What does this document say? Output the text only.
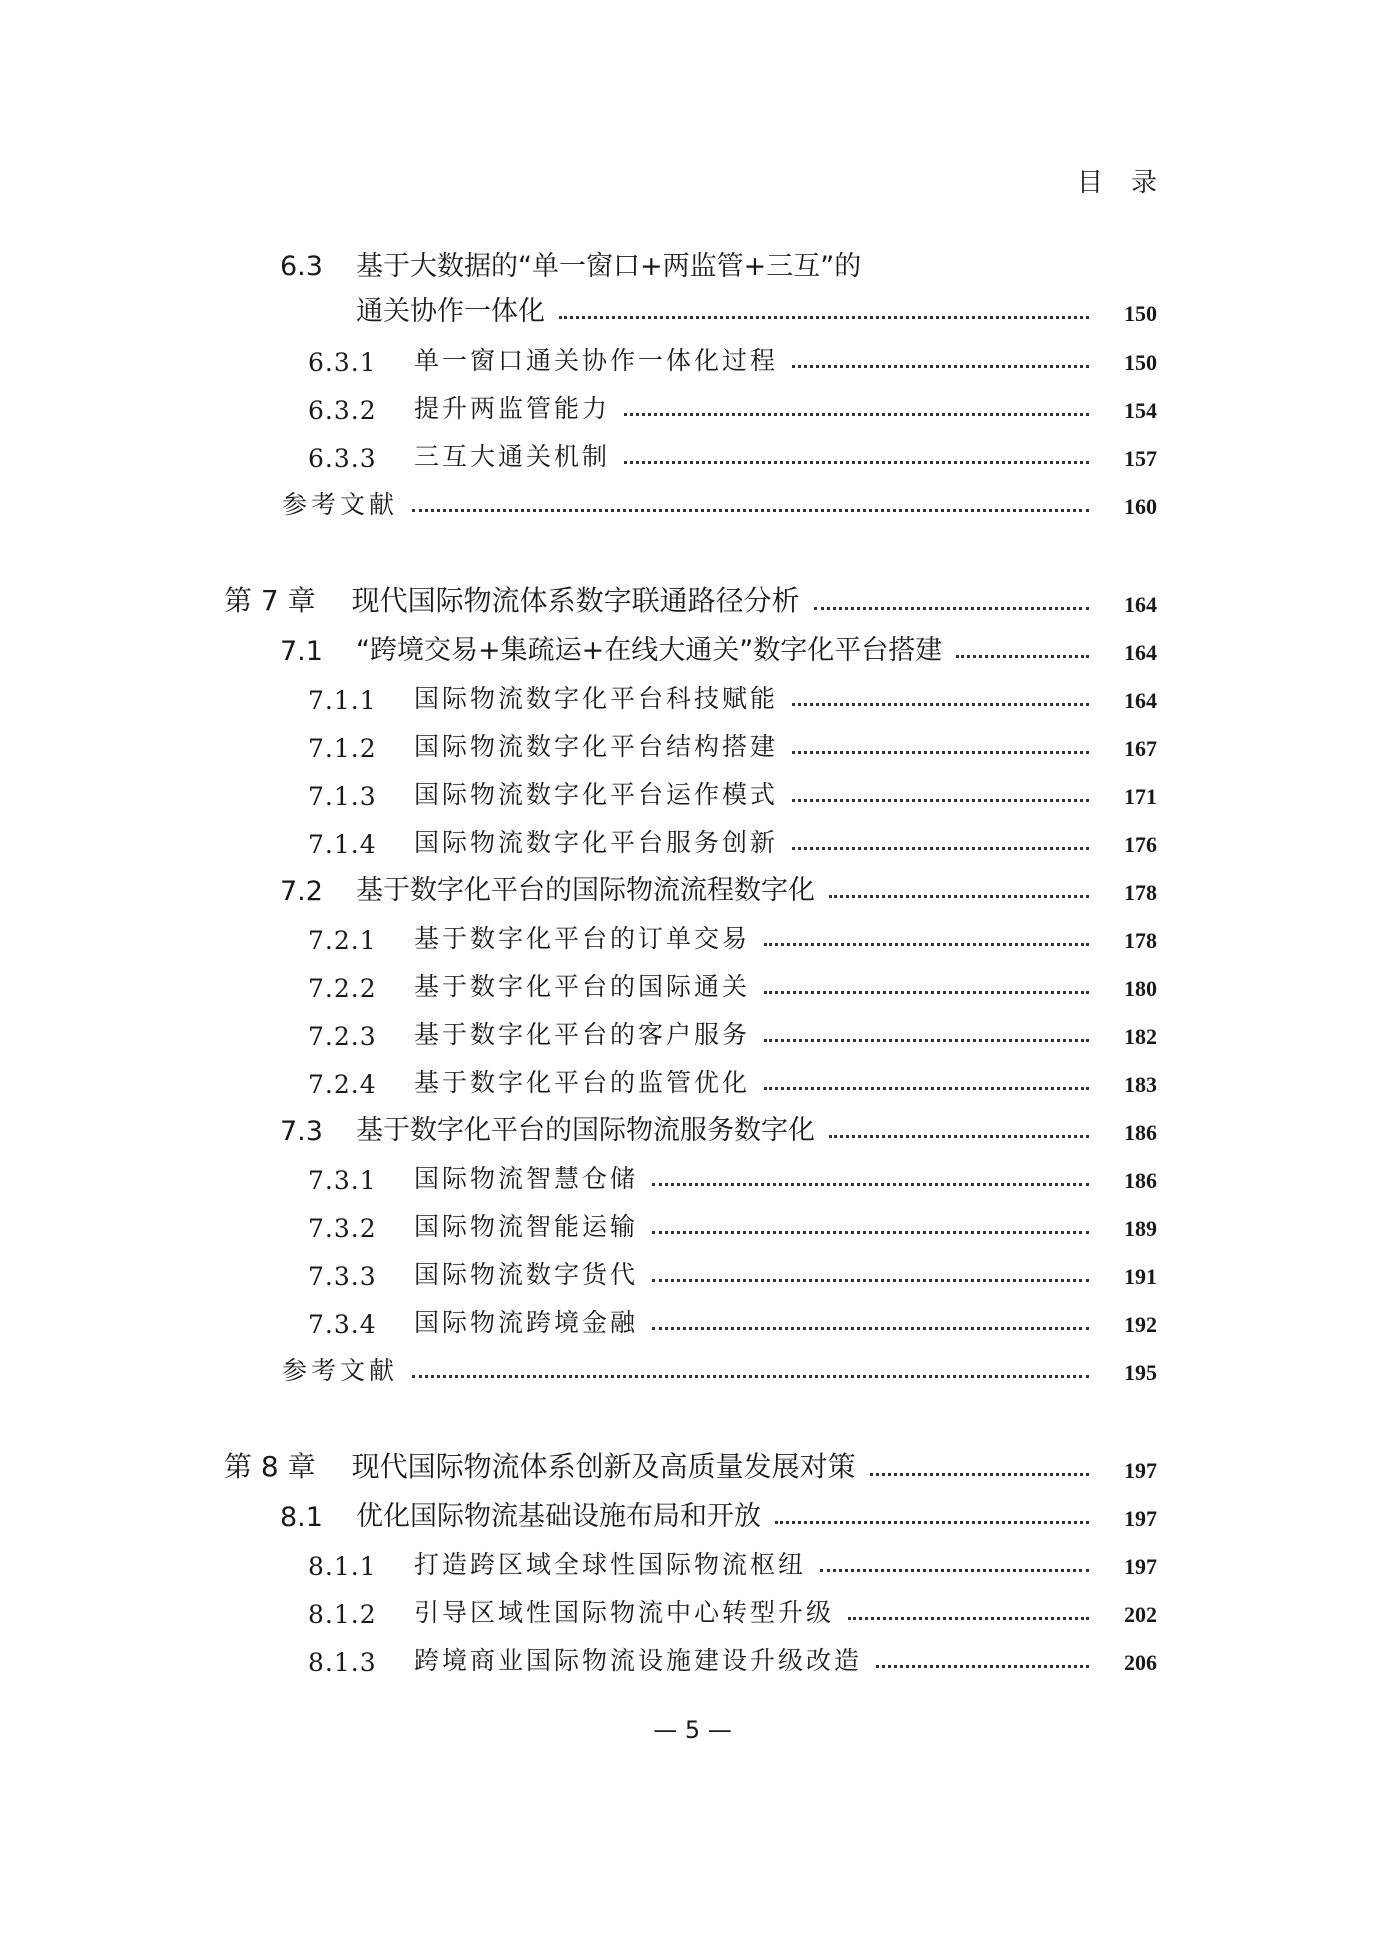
目录
6.3 基于大数据的“单一窗口+两监管+三互”的
通关协作一体化	150
6.3.1	单一窗口通关协作一体化过程	150
6.3.2	提升两监管能力	154
6.3.3	三互大通关机制	157
参考文献	160
第 7 章 现代国际物流体系数字联通路径分析	164
7.1 “跨境交易+集疏运+在线大通关”数字化平台搭建	164
7.1.1	国际物流数字化平台科技赋能	164
7.1.2	国际物流数字化平台结构搭建	167
7.1.3	国际物流数字化平台运作模式	171
7.1.4	国际物流数字化平台服务创新	176
7.2 基于数字化平台的国际物流流程数字化	178
7.2.1	基于数字化平台的订单交易	178
7.2.2	基于数字化平台的国际通关	180
7.2.3	基于数字化平台的客户服务	182
7.2.4	基于数字化平台的监管优化	183
7.3 基于数字化平台的国际物流服务数字化	186
7.3.1	国际物流智慧仓储	186
7.3.2	国际物流智能运输	189
7.3.3	国际物流数字货代	191
7.3.4	国际物流跨境金融	192
参考文献	195
第 8 章 现代国际物流体系创新及高质量发展对策	197
8.1 优化国际物流基础设施布局和开放	197
8.1.1	打造跨区域全球性国际物流枢纽	197
8.1.2	引导区域性国际物流中心转型升级	202
8.1.3	跨境商业国际物流设施建设升级改造	206
— 5 —
